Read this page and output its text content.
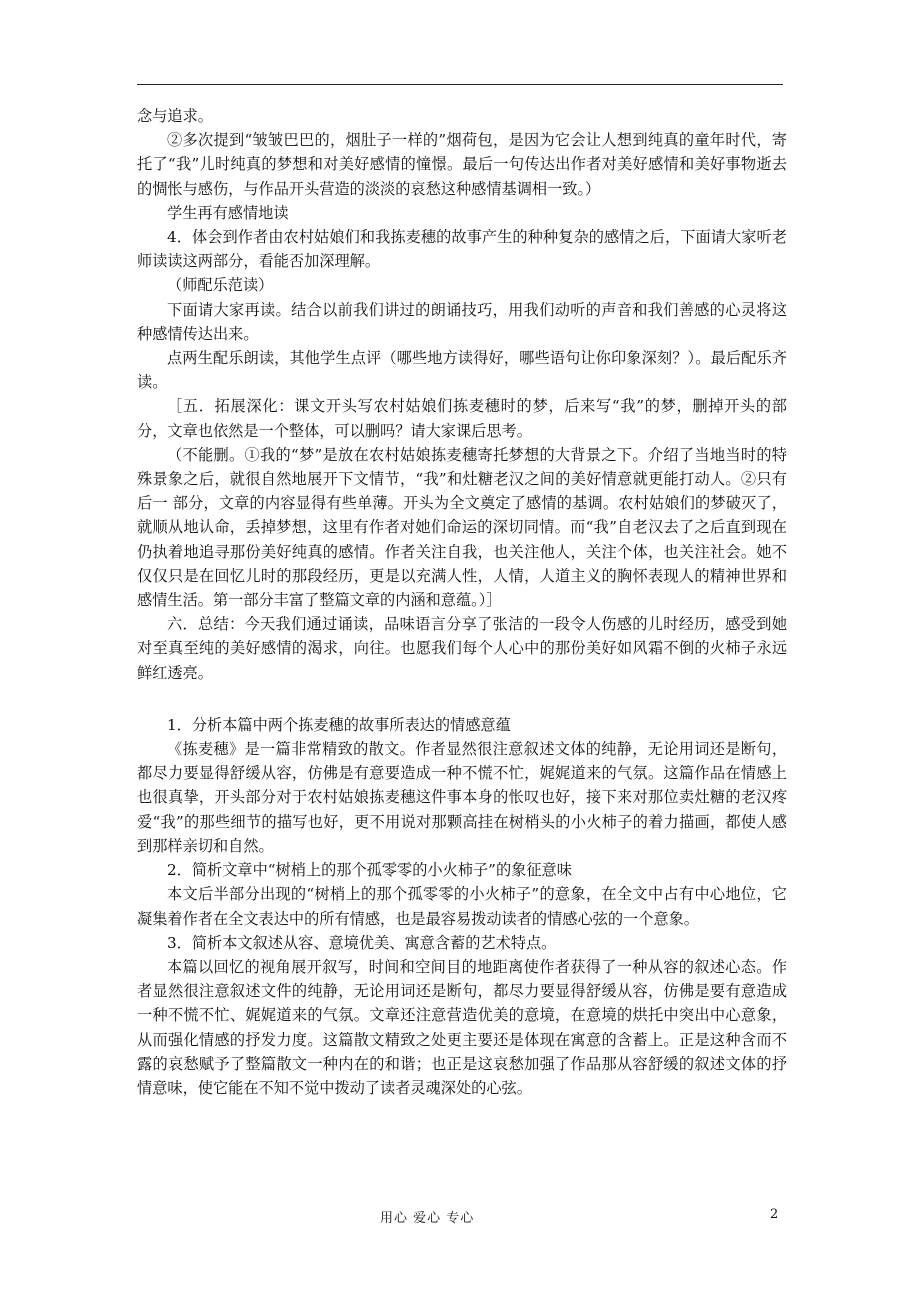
念与追求。

②多次提到“皱皱巴巴的，烟肚子一样的”烟荷包，是因为它会让人想到纯真的童年时代，寄托了“我”儿时纯真的梦想和对美好感情的憧憬。最后一句传达出作者对美好感情和美好事物逝去的惆怅与感伤，与作品开头营造的淡淡的哀愁这种感情基调相一致。）

学生再有感情地读

4．体会到作者由农村姑娘们和我拣麦穗的故事产生的种种复杂的感情之后，下面请大家听老师读读这两部分，看能否加深理解。

（师配乐范读）

下面请大家再读。结合以前我们讲过的朗诵技巧，用我们动听的声音和我们善感的心灵将这种感情传达出来。

点两生配乐朗读，其他学生点评（哪些地方读得好，哪些语句让你印象深刻？）。最后配乐齐读。

［五．拓展深化：课文开头写农村姑娘们拣麦穗时的梦，后来写“我”的梦，删掉开头的部分，文章也依然是一个整体，可以删吗？请大家课后思考。

（不能删。①我的“梦”是放在农村姑娘拣麦穗寄托梦想的大背景之下。介绍了当地当时的特殊景象之后，就很自然地展开下文情节，“我”和灶糖老汉之间的美好情意就更能打动人。②只有后一 部分，文章的内容显得有些单薄。开头为全文奠定了感情的基调。农村姑娘们的梦破灭了，就顺从地认命，丢掉梦想，这里有作者对她们命运的深切同情。而“我”自老汉去了之后直到现在仍执着地追寻那份美好纯真的感情。作者关注自我，也关注他人，关注个体，也关注社会。她不仅仅只是在回忆儿时的那段经历，更是以充满人性，人情，人道主义的胸怀表现人的精神世界和感情生活。第一部分丰富了整篇文章的内涵和意蕴。）］

六．总结：今天我们通过诵读，品味语言分享了张洁的一段令人伤感的儿时经历，感受到她对至真至纯的美好感情的渴求，向往。也愿我们每个人心中的那份美好如风霜不倒的火柿子永远鲜红透亮。

1．分析本篇中两个拣麦穗的故事所表达的情感意蕴

《拣麦穗》是一篇非常精致的散文。作者显然很注意叙述文体的纯静，无论用词还是断句，都尽力要显得舒缓从容，仿佛是有意要造成一种不慌不忙，娓娓道来的气氛。这篇作品在情感上也很真挚，开头部分对于农村姑娘拣麦穗这件事本身的怅叹也好，接下来对那位卖灶糖的老汉疼爱“我”的那些细节的描写也好，更不用说对那颗高挂在树梢头的小火柿子的着力描画，都使人感到那样亲切和自然。

2．简析文章中“树梢上的那个孤零零的小火柿子”的象征意味

本文后半部分出现的“树梢上的那个孤零零的小火柿子”的意象，在全文中占有中心地位，它凝集着作者在全文表达中的所有情感，也是最容易拨动读者的情感心弦的一个意象。

3．简析本文叙述从容、意境优美、寓意含蓄的艺术特点。

本篇以回忆的视角展开叙写，时间和空间目的地距离使作者获得了一种从容的叙述心态。作者显然很注意叙述文件的纯静，无论用词还是断句，都尽力要显得舒缓从容，仿佛是要有意造成一种不慌不忙、娓娓道来的气氛。文章还注意营造优美的意境，在意境的烘托中突出中心意象，从而强化情感的抒发力度。这篇散文精致之处更主要还是体现在寓意的含蓄上。正是这种含而不露的哀愁赋予了整篇散文一种内在的和谐；也正是这哀愁加强了作品那从容舒缓的叙述文体的抒情意味，使它能在不知不觉中拨动了读者灵魂深处的心弦。

用心 爱心 专心	2
